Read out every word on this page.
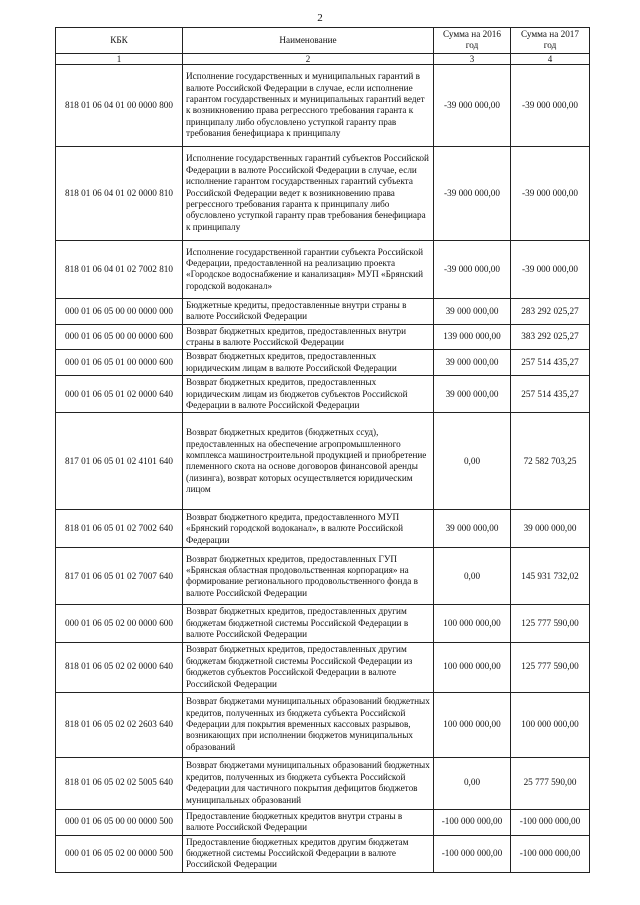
2
КБК	Наименование	Сумма на 2016 год	Сумма на 2017 год
1	2	3	4
818 01 06 04 01 00 0000 800	Исполнение государственных и муниципальных гарантий в валюте Российской Федерации в случае, если исполнение гарантом государственных и муниципальных гарантий ведет к возникновению права регрессного требования гаранта к принципалу либо обусловлено уступкой гаранту прав требования бенефициара к принципалу	-39 000 000,00	-39 000 000,00
818 01 06 04 01 02 0000 810	Исполнение государственных гарантий субъектов Российской Федерации в валюте Российской Федерации в случае, если исполнение гарантом государственных гарантий субъекта Российской Федерации ведет к возникновению права регрессного требования гаранта к принципалу либо обусловлено уступкой гаранту прав требования бенефициара к принципалу	-39 000 000,00	-39 000 000,00
818 01 06 04 01 02 7002 810	Исполнение государственной гарантии субъекта Российской Федерации, предоставленной на реализацию проекта «Городское водоснабжение и канализация» МУП «Брянский городской водоканал»	-39 000 000,00	-39 000 000,00
000 01 06 05 00 00 0000 000	Бюджетные кредиты, предоставленные внутри страны в валюте Российской Федерации	39 000 000,00	283 292 025,27
000 01 06 05 00 00 0000 600	Возврат бюджетных кредитов, предоставленных внутри страны в валюте Российской Федерации	139 000 000,00	383 292 025,27
000 01 06 05 01 00 0000 600	Возврат бюджетных кредитов, предоставленных юридическим лицам в валюте Российской Федерации	39 000 000,00	257 514 435,27
000 01 06 05 01 02 0000 640	Возврат бюджетных кредитов, предоставленных юридическим лицам из бюджетов субъектов Российской Федерации в валюте Российской Федерации	39 000 000,00	257 514 435,27
817 01 06 05 01 02 4101 640	Возврат бюджетных кредитов (бюджетных ссуд), предоставленных на обеспечение агропромышленного комплекса машиностроительной продукцией и приобретение племенного скота на основе договоров финансовой аренды (лизинга), возврат которых осуществляется юридическим лицом	0,00	72 582 703,25
818 01 06 05 01 02 7002 640	Возврат бюджетного кредита, предоставленного МУП «Брянский городской водоканал», в валюте Российской Федерации	39 000 000,00	39 000 000,00
817 01 06 05 01 02 7007 640	Возврат бюджетных кредитов, предоставленных ГУП «Брянская областная продовольственная корпорация» на формирование регионального продовольственного фонда в валюте Российской Федерации	0,00	145 931 732,02
000 01 06 05 02 00 0000 600	Возврат бюджетных кредитов, предоставленных другим бюджетам бюджетной системы Российской Федерации в валюте Российской Федерации	100 000 000,00	125 777 590,00
818 01 06 05 02 02 0000 640	Возврат бюджетных кредитов, предоставленных другим бюджетам бюджетной системы Российской Федерации из бюджетов субъектов Российской Федерации в валюте Российской Федерации	100 000 000,00	125 777 590,00
818 01 06 05 02 02 2603 640	Возврат бюджетами муниципальных образований бюджетных кредитов, полученных из бюджета субъекта Российской Федерации для покрытия временных кассовых разрывов, возникающих при исполнении бюджетов муниципальных образований	100 000 000,00	100 000 000,00
818 01 06 05 02 02 5005 640	Возврат бюджетами муниципальных образований бюджетных кредитов, полученных из бюджета субъекта Российской Федерации для частичного покрытия дефицитов бюджетов муниципальных образований	0,00	25 777 590,00
000 01 06 05 00 00 0000 500	Предоставление бюджетных кредитов внутри страны в валюте Российской Федерации	-100 000 000,00	-100 000 000,00
000 01 06 05 02 00 0000 500	Предоставление бюджетных кредитов другим бюджетам бюджетной системы Российской Федерации в валюте Российской Федерации	-100 000 000,00	-100 000 000,00
